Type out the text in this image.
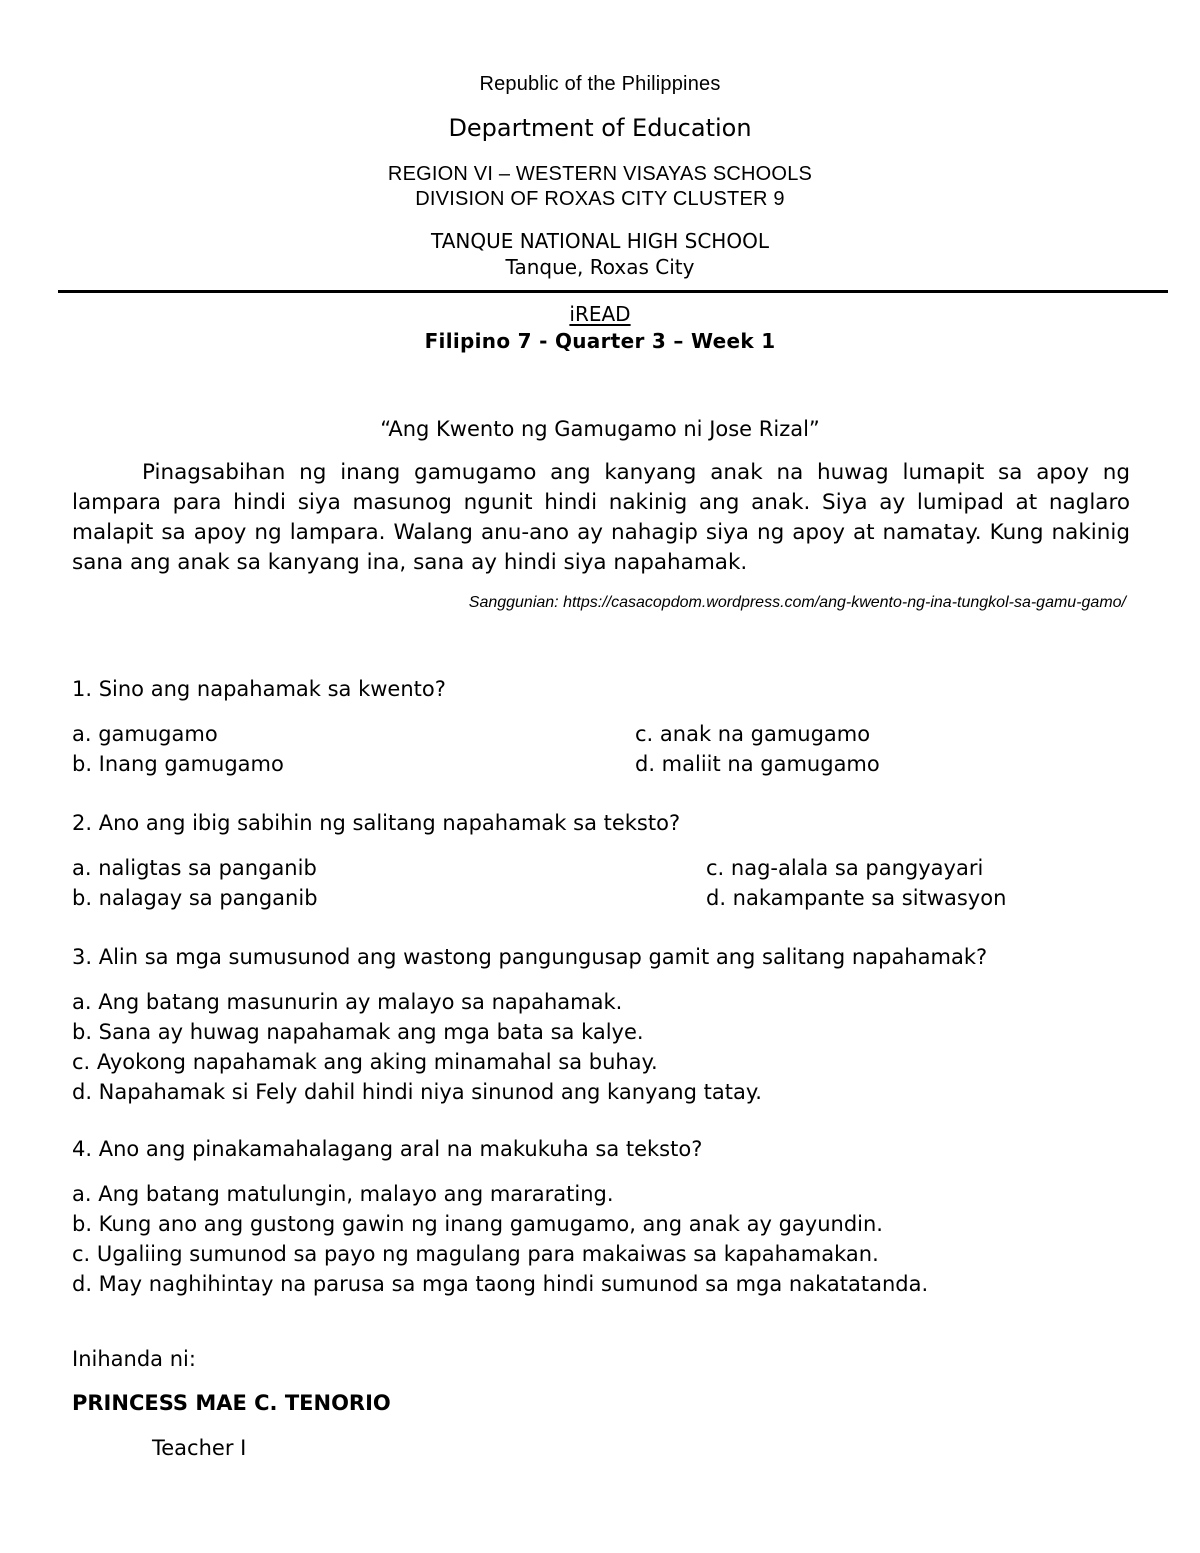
Republic of the Philippines
Department of Education
REGION VI – WESTERN VISAYAS SCHOOLS
DIVISION OF ROXAS CITY CLUSTER 9
TANQUE NATIONAL HIGH SCHOOL
Tanque, Roxas City
iREAD
Filipino 7 - Quarter 3 – Week 1
“Ang Kwento ng Gamugamo ni Jose Rizal”

Pinagsabihan ng inang gamugamo ang kanyang anak na huwag lumapit sa apoy ng lampara para hindi siya masunog ngunit hindi nakinig ang anak. Siya ay lumipad at naglaro malapit sa apoy ng lampara. Walang anu-ano ay nahagip siya ng apoy at namatay. Kung nakinig sana ang anak sa kanyang ina, sana ay hindi siya napahamak.

Sanggunian: https://casacopdom.wordpress.com/ang-kwento-ng-ina-tungkol-sa-gamu-gamo/
1. Sino ang napahamak sa kwento?
a. gamugamo
b. Inang gamugamo
c. anak na gamugamo
d. maliit na gamugamo
2. Ano ang ibig sabihin ng salitang napahamak sa teksto?
a. naligtas sa panganib
b. nalagay sa panganib
c. nag-alala sa pangyayari
d. nakampante sa sitwasyon
3. Alin sa mga sumusunod ang wastong pangungusap gamit ang salitang napahamak?
a. Ang batang masunurin ay malayo sa napahamak.
b. Sana ay huwag napahamak ang mga bata sa kalye.
c. Ayokong napahamak ang aking minamahal sa buhay.
d. Napahamak si Fely dahil hindi niya sinunod ang kanyang tatay.
4. Ano ang pinakamahalagang aral na makukuha sa teksto?
a. Ang batang matulungin, malayo ang mararating.
b. Kung ano ang gustong gawin ng inang gamugamo, ang anak ay gayundin.
c. Ugaliing sumunod sa payo ng magulang para makaiwas sa kapahamakan.
d. May naghihintay na parusa sa mga taong hindi sumunod sa mga nakatatanda.
Inihanda ni:
PRINCESS MAE C. TENORIO
Teacher I
